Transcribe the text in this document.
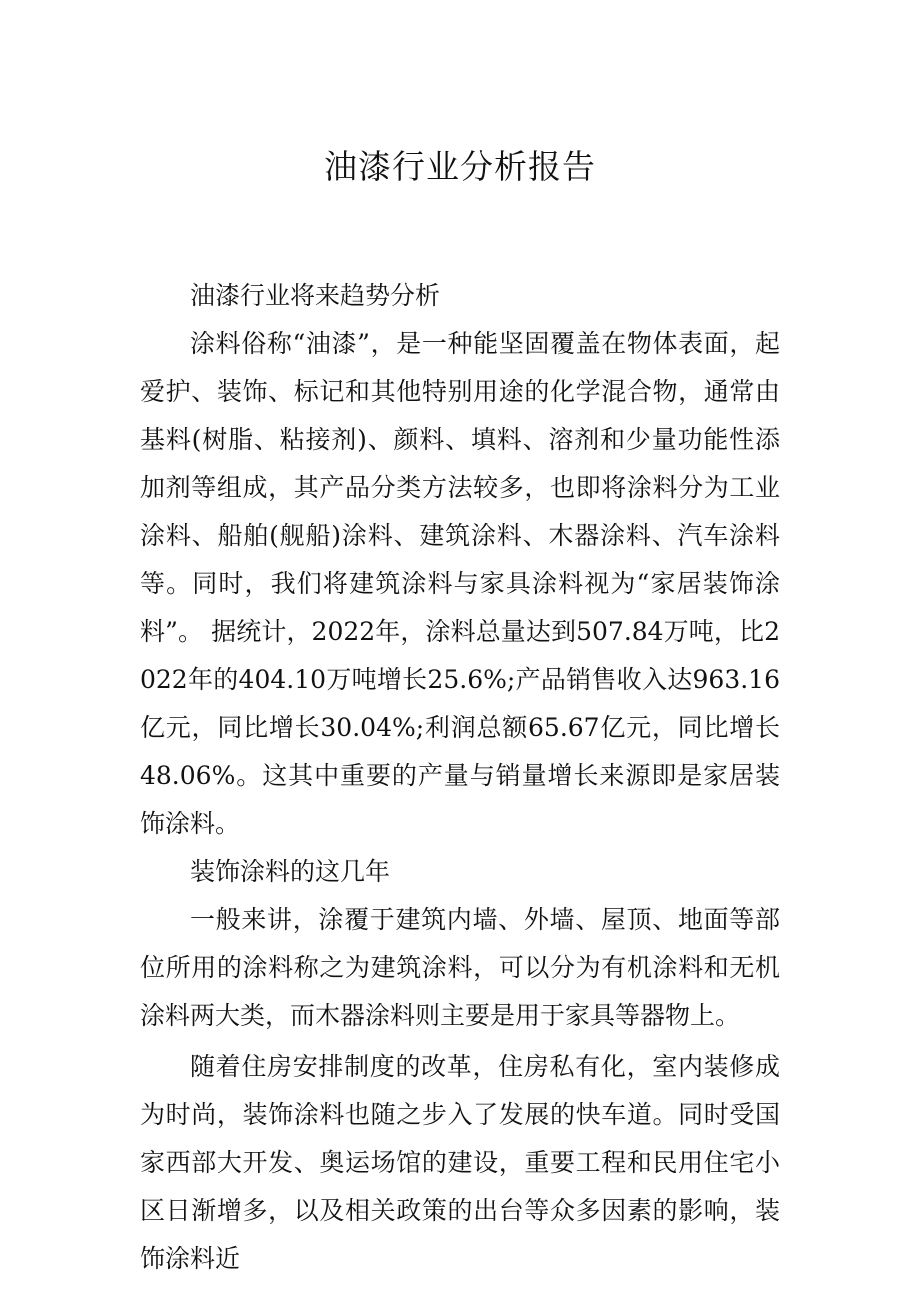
油漆行业分析报告

油漆行业将来趋势分析

涂料俗称“油漆”，是一种能坚固覆盖在物体表面，起爱护、装饰、标记和其他特别用途的化学混合物，通常由基料(树脂、粘接剂)、颜料、填料、溶剂和少量功能性添加剂等组成，其产品分类方法较多，也即将涂料分为工业涂料、船舶(舰船)涂料、建筑涂料、木器涂料、汽车涂料等。同时，我们将建筑涂料与家具涂料视为“家居装饰涂料”。 据统计，2022年，涂料总量达到507.84万吨，比2022年的404.10万吨增长25.6%;产品销售收入达963.16亿元，同比增长30.04%;利润总额65.67亿元，同比增长48.06%。这其中重要的产量与销量增长来源即是家居装饰涂料。

装饰涂料的这几年

一般来讲，涂覆于建筑内墙、外墙、屋顶、地面等部位所用的涂料称之为建筑涂料，可以分为有机涂料和无机涂料两大类，而木器涂料则主要是用于家具等器物上。

随着住房安排制度的改革，住房私有化，室内装修成为时尚，装饰涂料也随之步入了发展的快车道。同时受国家西部大开发、奥运场馆的建设，重要工程和民用住宅小区日渐增多，以及相关政策的出台等众多因素的影响，装饰涂料近
